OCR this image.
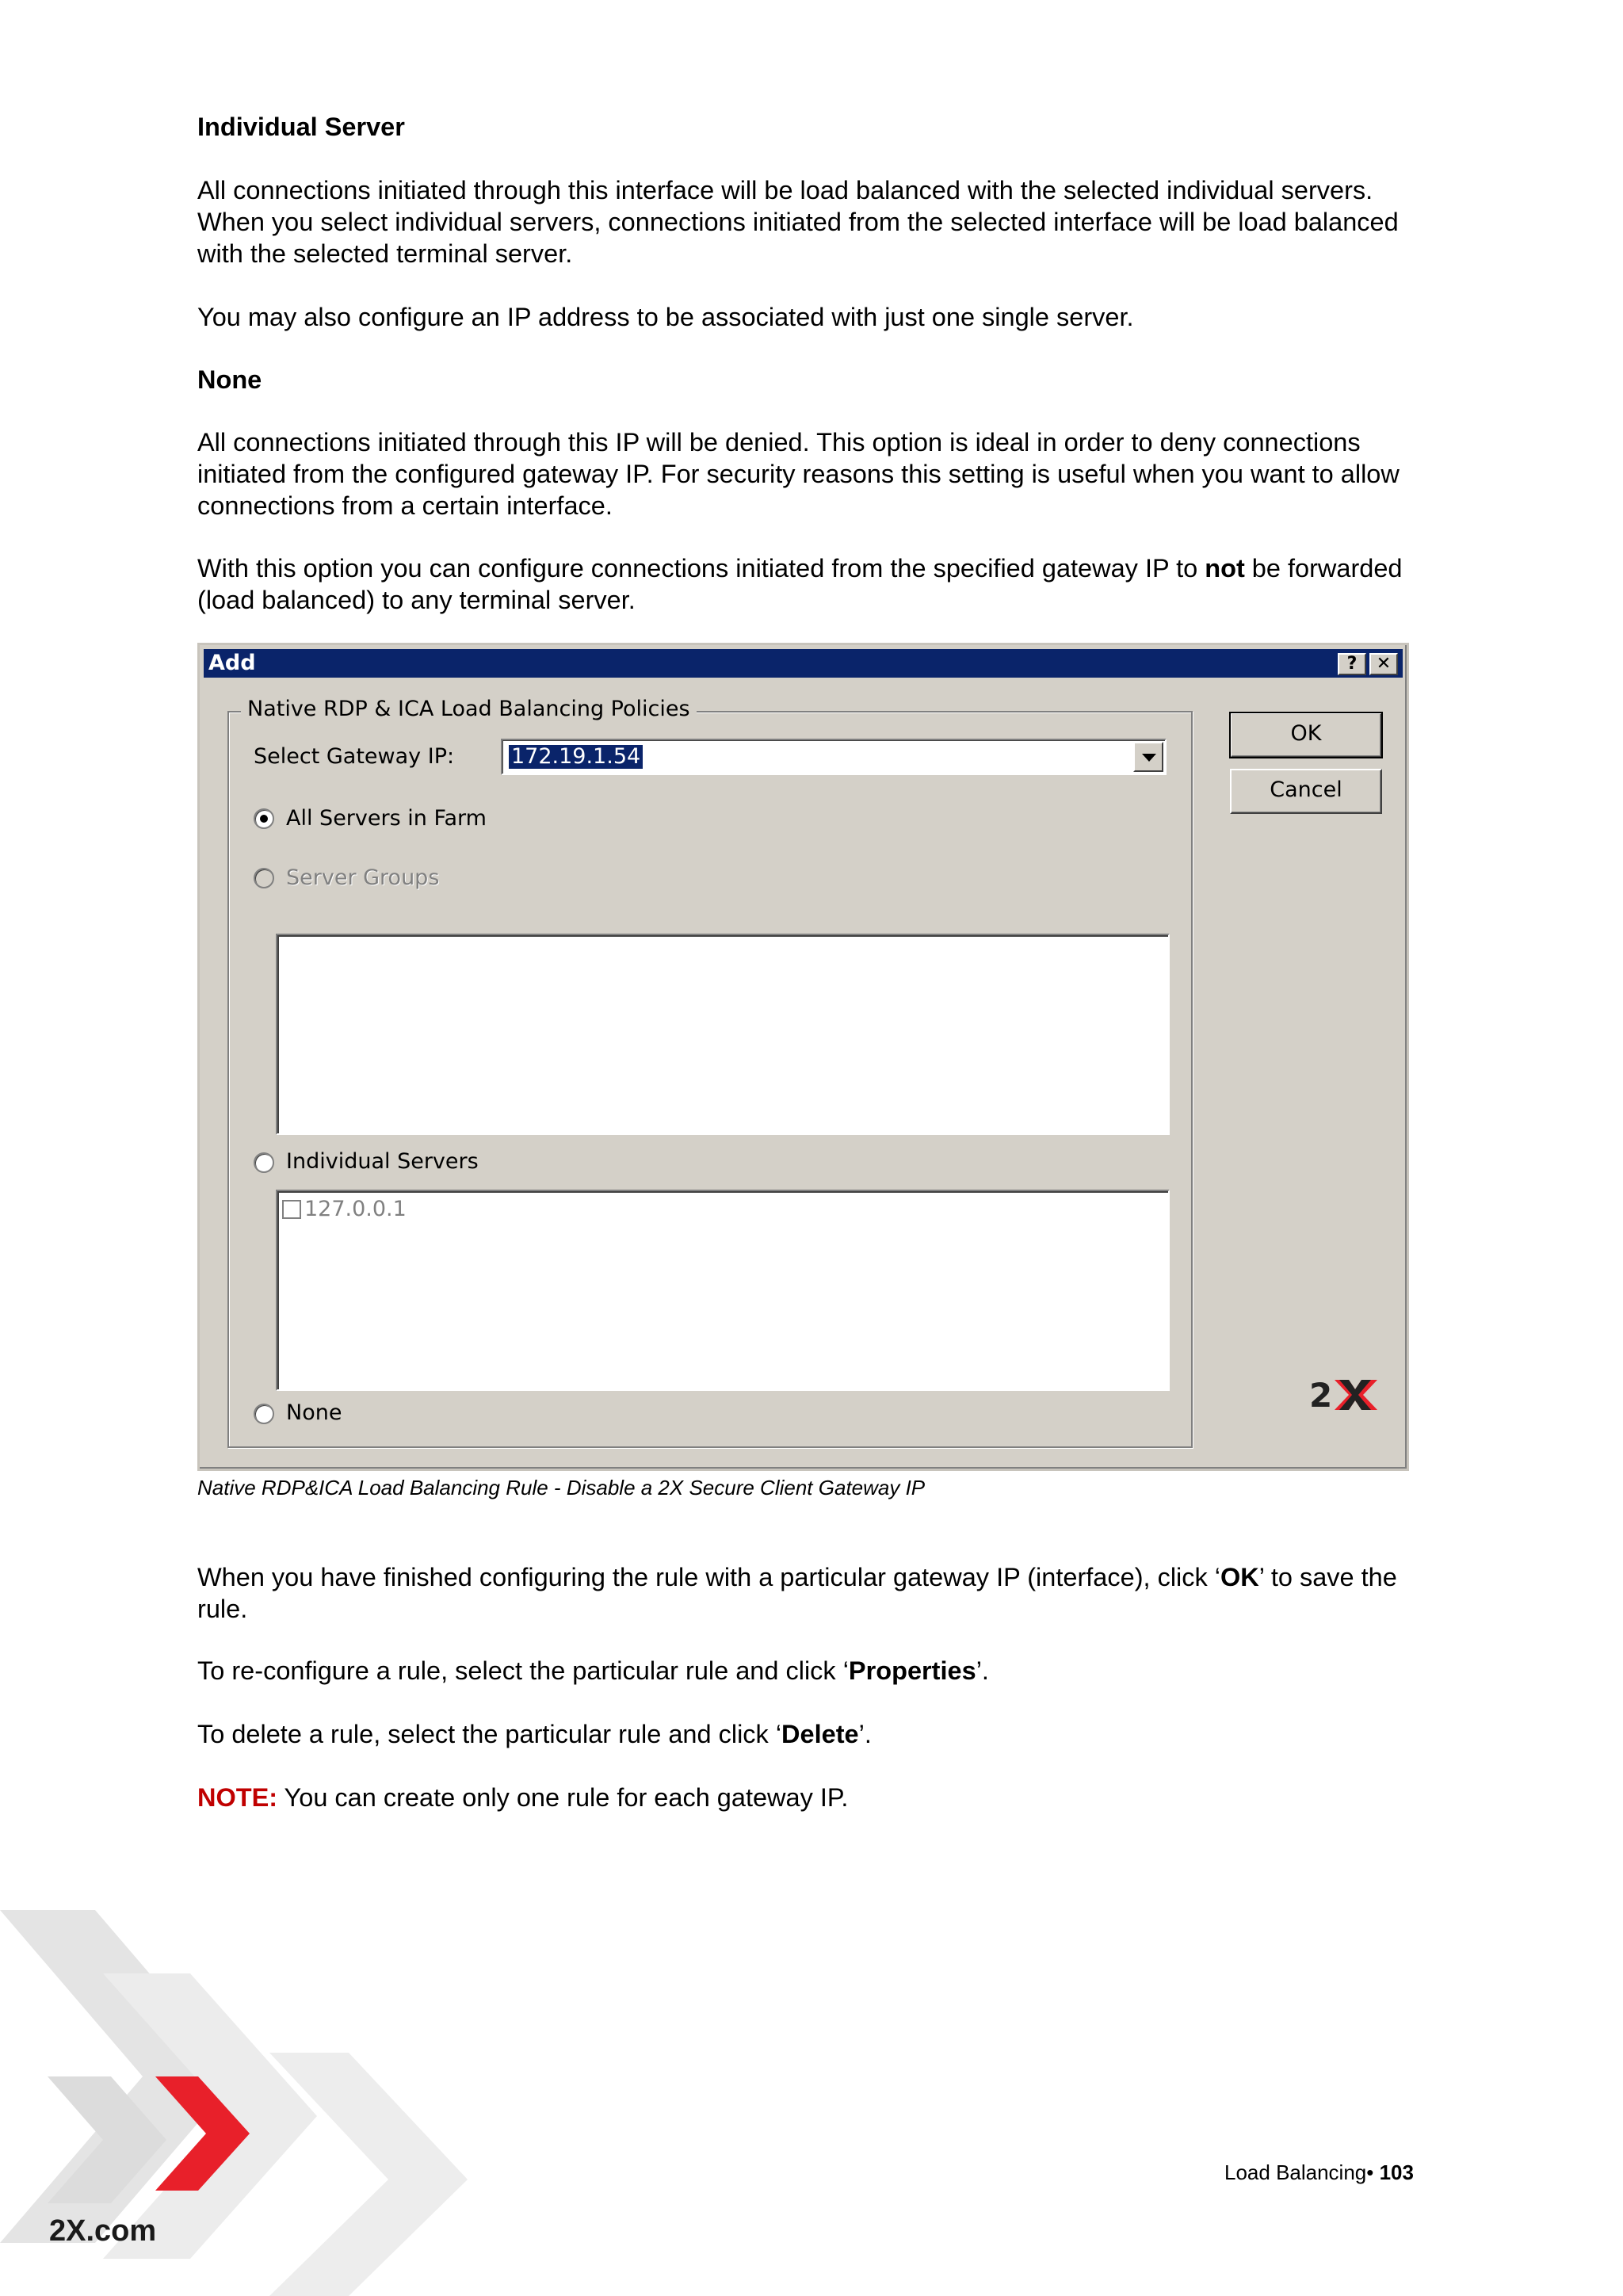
Individual Server
All connections initiated through this interface will be load balanced with the selected individual servers. When you select individual servers, connections initiated from the selected interface will be load balanced with the selected terminal server.
You may also configure an IP address to be associated with just one single server.
None
All connections initiated through this IP will be denied. This option is ideal in order to deny connections initiated from the configured gateway IP. For security reasons this setting is useful when you want to allow connections from a certain interface.
With this option you can configure connections initiated from the specified gateway IP to not be forwarded (load balanced) to any terminal server.
Add	?	✕
Native RDP & ICA Load Balancing Policies
Select Gateway IP:	172.19.1.54
All Servers in Farm
Server Groups
Individual Servers
127.0.0.1
None
OK
Cancel
2
Native RDP&ICA Load Balancing Rule - Disable a 2X Secure Client Gateway IP
When you have finished configuring the rule with a particular gateway IP (interface), click ‘OK’ to save the rule.
To re-configure a rule, select the particular rule and click ‘Properties’.
To delete a rule, select the particular rule and click ‘Delete’.
NOTE: You can create only one rule for each gateway IP.
2X.com
Load Balancing• 103
